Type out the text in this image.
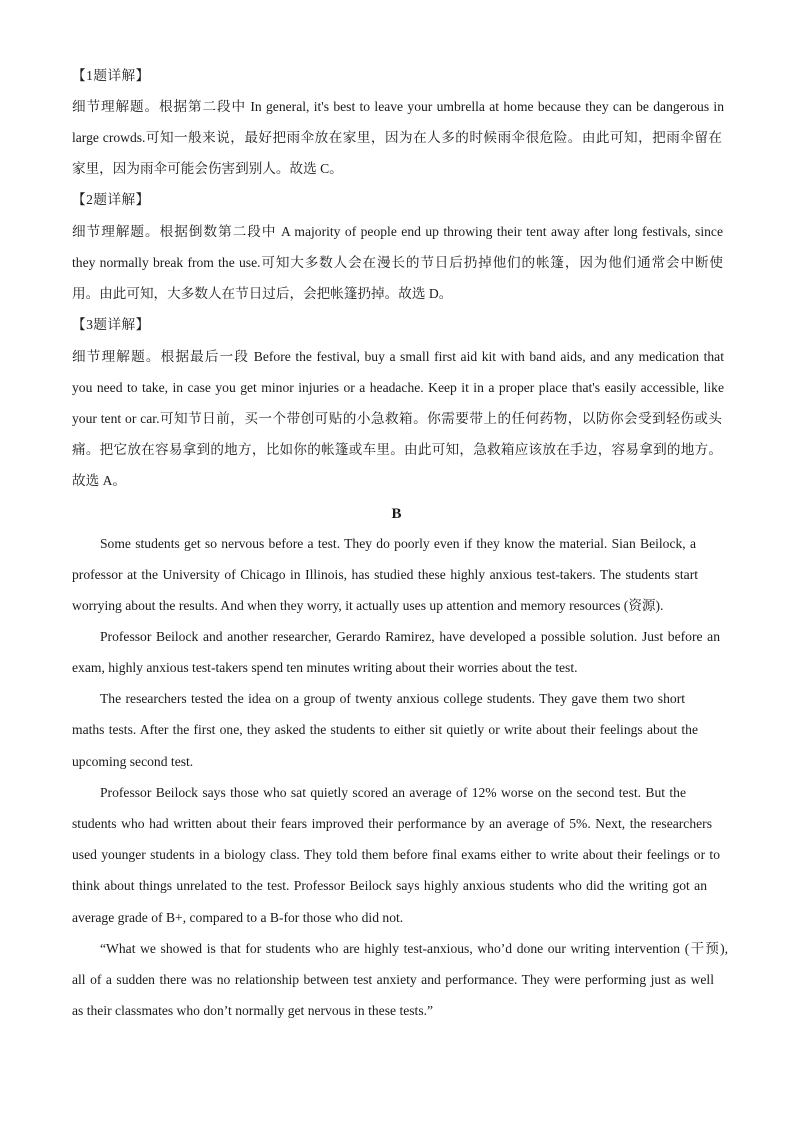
【1题详解】
细节理解题。根据第二段中 In general, it's best to leave your umbrella at home because they can be dangerous in
large crowds.可知一般来说，最好把雨伞放在家里，因为在人多的时候雨伞很危险。由此可知，把雨伞留在
家里，因为雨伞可能会伤害到别人。故选 C。
【2题详解】
细节理解题。根据倒数第二段中 A majority of people end up throwing their tent away after long festivals, since
they normally break from the use.可知大多数人会在漫长的节日后扔掉他们的帐篷，因为他们通常会中断使
用。由此可知，大多数人在节日过后，会把帐篷扔掉。故选 D。
【3题详解】
细节理解题。根据最后一段 Before the festival, buy a small first aid kit with band aids, and any medication that
you need to take, in case you get minor injuries or a headache. Keep it in a proper place that's easily accessible, like
your tent or car.可知节日前，买一个带创可贴的小急救箱。你需要带上的任何药物，以防你会受到轻伤或头
痛。把它放在容易拿到的地方，比如你的帐篷或车里。由此可知，急救箱应该放在手边，容易拿到的地方。
故选 A。
B
Some students get so nervous before a test. They do poorly even if they know the material. Sian Beilock, a
professor at the University of Chicago in Illinois, has studied these highly anxious test-takers. The students start
worrying about the results. And when they worry, it actually uses up attention and memory resources (资源).
Professor Beilock and another researcher, Gerardo Ramirez, have developed a possible solution. Just before an
exam, highly anxious test-takers spend ten minutes writing about their worries about the test.
The researchers tested the idea on a group of twenty anxious college students. They gave them two short
maths tests. After the first one, they asked the students to either sit quietly or write about their feelings about the
upcoming second test.
Professor Beilock says those who sat quietly scored an average of 12% worse on the second test. But the
students who had written about their fears improved their performance by an average of 5%. Next, the researchers
used younger students in a biology class. They told them before final exams either to write about their feelings or to
think about things unrelated to the test. Professor Beilock says highly anxious students who did the writing got an
average grade of B+, compared to a B-for those who did not.
“What we showed is that for students who are highly test-anxious, who’d done our writing intervention (干预),
all of a sudden there was no relationship between test anxiety and performance. They were performing just as well
as their classmates who don’t normally get nervous in these tests.”
